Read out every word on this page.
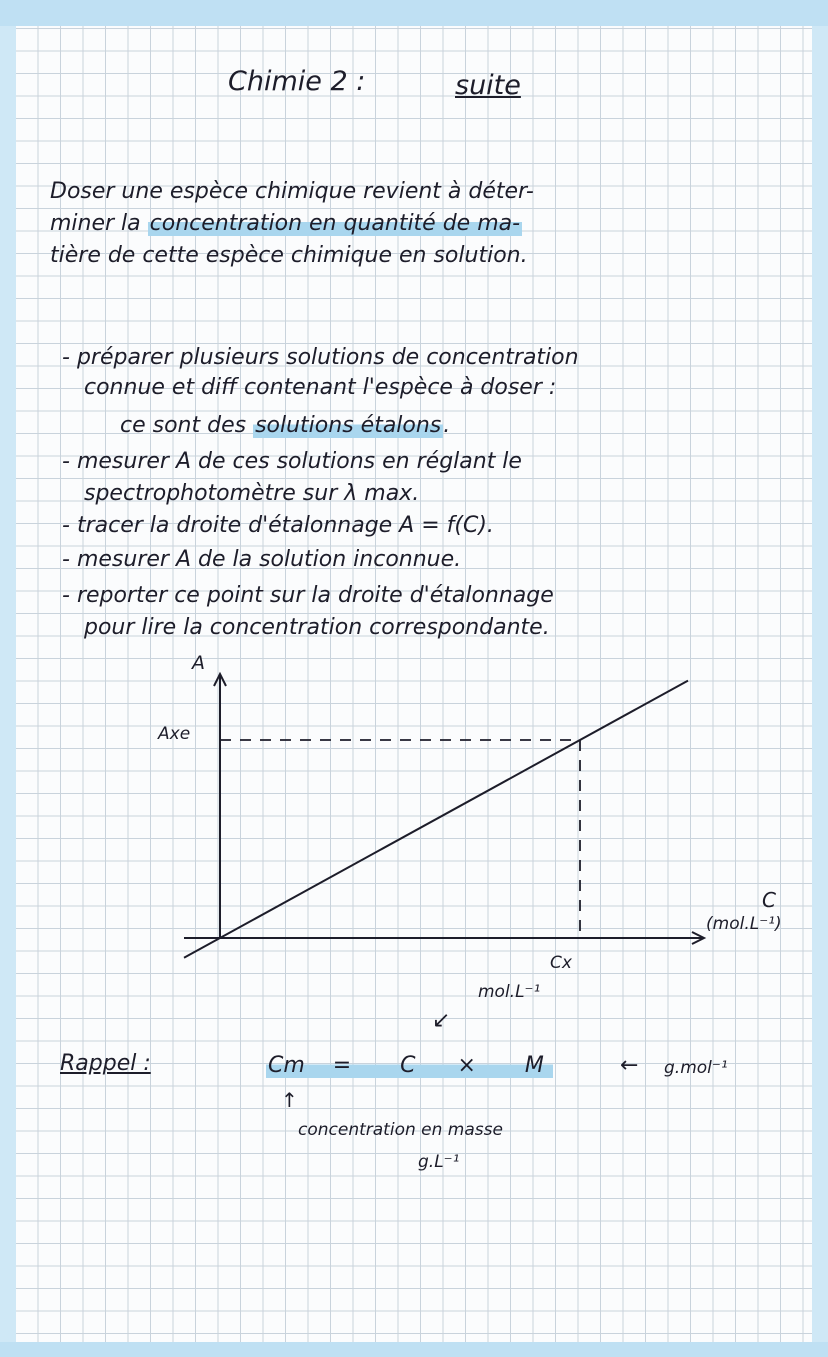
Chimie 2 :	suite
Doser une espèce chimique revient à déter-
miner la concentration en quantité de ma-
tière de cette espèce chimique en solution.
- préparer plusieurs solutions de concentration
connue et diff contenant l'espèce à doser :
ce sont des solutions étalons.
- mesurer A de ces solutions en réglant le
spectrophotomètre sur λ max.
- tracer la droite d'étalonnage A = f(C).
- mesurer A de la solution inconnue.
- reporter ce point sur la droite d'étalonnage
pour lire la concentration correspondante.
A
Axe
C
(mol.L⁻¹)
Cx
mol.L⁻¹
↙
Rappel :	Cm = C × M	← g.mol⁻¹
↑
concentration en masse
g.L⁻¹
